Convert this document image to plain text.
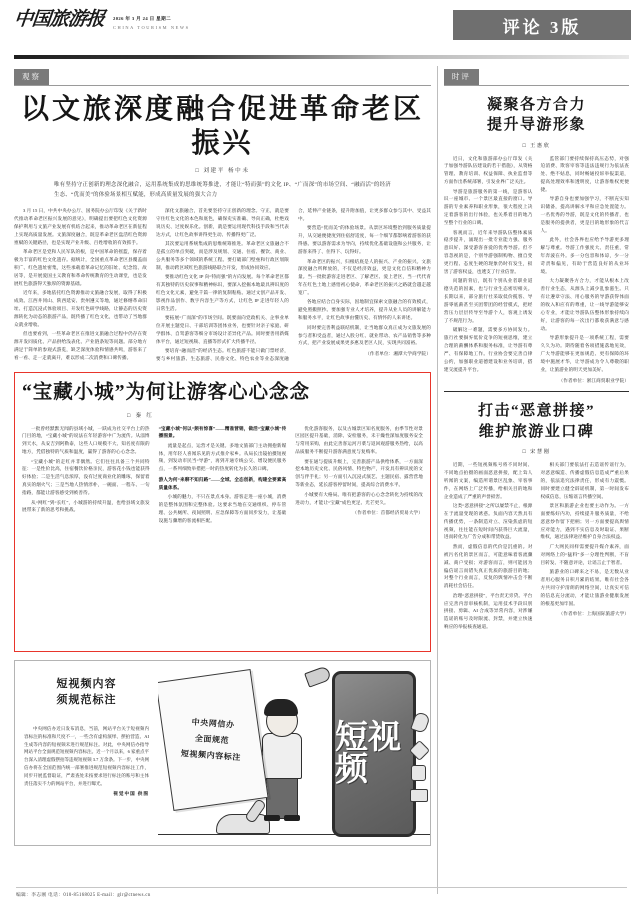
中国旅游报 2026 年 3 月 24 日 星期二
CHINA TOURISM NEWS	评论 3版
观察
以文旅深度融合促进革命老区振兴
□ 刘建平 杨中未
唯有坚持守正创新的理念深化融合，运用系统集成的思维统筹推进，才能让“特而强”的文化 IP、“广而深”的市场空间、“融而活”的经济生态、“优而美”的体验场景相互赋能，形成高质量发展的强大合力

3 月 15 日，中共中央办公厅、国务院办公厅印发《关于新时代推动革命老区振兴发展的意见》，明确提出要把红色文化资源保护利用与文旅产业发展有机结合起来，推动革命老区在新征程上实现高质量发展。文旅深度融合，既是革命老区盘活红色资源禀赋的关键路径，也是实现产业升级、百姓增收的有效抓手。

革命老区是党和人民军队的根，是中国革命的摇篮，保存着极为丰富的红色文化遗存。据统计，全国重点革命老区县覆盖面积广、红色遗址密集，这些承载着革命记忆的旧址、纪念馆、故居等，是开展爱国主义教育和革命传统教育的生动课堂，也是发展红色旅游得天独厚的资源基础。

近年来，多地依托红色资源推动文旅融合发展，取得了积极成效。江西井冈山、陕西延安、贵州遵义等地，通过修缮革命旧址、打造沉浸式体验项目、开发红色研学线路，让静态的历史资源转化为动态的旅游产品，既传播了红色文化，也带动了当地群众就业增收。

但也要看到，一些革命老区在推进文旅融合过程中仍存在资源开发同质化、产品供给浅表化、产业链条短等问题。部分地方满足于简单的参观式游览，缺乏深度体验和情感共鸣，游客来了看一看、走一走就离开，难以形成二次消费和口碑传播。

深化文旅融合，首先要坚持守正创新的理念。守正，就是要守住红色文化的本色和底色，确保史实准确、导向正确，杜绝戏说历史、过度娱乐化。创新，就是要运用现代科技手段和当代表达方式，让红色故事讲得更生动、传播得更广泛。

其次要运用系统集成的思维统筹推进。革命老区文旅融合不是孤立的单点突破，而是涉及规划、交通、住宿、餐饮、商业、公共服务等多个领域的系统工程。要打破部门壁垒和行政区划限制，推动跨区域红色旅游线路联合开发，形成协同效应。

要推动红色文化 IP 向“特而强”的方向发展。每个革命老区都有其独特的历史叙事和精神标识，要深入挖掘本地最具辨识度的红色文化元素，避免千篇一律的复制粘贴。通过文创产品开发、影视作品创作、数字内容生产等方式，让红色 IP 走进年轻人的日常生活。

要拓展“广而深”的市场空间。既要面向党政机关、企事业单位开展主题党日、干部培训等团体业务，也要针对亲子家庭、研学群体、自驾游客等细分市场设计差异化产品。同时要善用新媒体平台，通过短视频、直播等形式扩大传播半径。

要培育“融而活”的经济生态。红色旅游不能只做门票经济，要与乡村旅游、生态旅游、民俗文化、特色农业等业态深度融合，延伸产业链条，提升附加值，让更多群众参与其中、受益其中。

要营造“优而美”的体验场景。从景区环境整治到服务质量提升，从交通便捷度到住宿舒适度，每一个细节都影响着游客的获得感。要以游客需求为导向，持续优化基础设施和公共服务，让游客来得了、住得下、玩得好。

革命老区的振兴，归根结底是人的振兴、产业的振兴。文旅深度融合所释放的，不仅是经济效益，更是文化自信和精神力量。当一批批游客走进老区、了解老区、爱上老区，当一代代青年在红色土地上感悟初心使命，革命老区的振兴之路就会越走越宽广。

各地应结合自身实际，因地制宜探索文旅融合的有效模式，避免照搬照抄。要加强专业人才培养，提升从业人员的讲解能力和服务水平，让红色故事由懂历史、有情怀的人来讲述。

同时要完善利益联结机制，让当地群众真正成为文旅发展的参与者和受益者，通过入股分红、就业带动、农产品销售等多种方式，把产业发展成果更多惠及老区人民，实现共同富裕。

（作者单位：湘潭大学商学院）

“宝藏小城”为何让游客心心念念
□ 秦 红

一批曾经默默无闻的县域小城，一跃成为社交平台上的热门目的地，“宝藏小城”的说法在年轻游客中广为流传。从淄博到天水，从安吉到阿勒泰，这些人口规模不大、知名度有限的地方，凭借独特的气质和温度，赢得了游客的心心念念。

“宝藏小城”的走红并非偶然。它们往往具备三个共同特征：一是性价比高，住宿餐饮价格亲民，游客花小钱也能获得好体验；二是生活气息浓厚，没有过度商业化的雕琢，保留着真实的烟火气；三是当地人热情淳朴，一碗面、一程车、一句指路，都能让游客感受到被善待。

从“网红”到“长红”，小城游的持续升温，也给县域文旅发展带来了新的思考和挑战。

“宝藏小城”何以“频有惊喜”——精准营销，做活“宝藏小城”传播图景。

流量是起点，运营才是关键。多地文旅部门主动拥抱新媒体，用年轻人喜闻乐见的方式推介家乡。从局长出镜拍摄短视频，到发动市民当“导游”，再到开通专线公交、增设便民服务点，一系列细致举措把一时的热度转化为长久的口碑。

游人为何“来聊不知归路”——全域、全态创新，构建全要素高质量体系。

小城的魅力，不只在景点本身。游客走进一座小城，消费的是整体氛围和完整体验。这要求当地在交通组织、停车管理、公共厕所、夜间照明、应急保障等方面同步发力，让基础设施与骤增的客流相匹配。

优化游客服务，以及古城景区知名度服务，由季节性对景区园区提升基础，消除、安检服务，未干燥性深加度服务安全与常用采购，由此完善客运河月菜与返回观游服务热给，以高品质服务不断提升游客满意度与复购率。

要在通与提质升级上，完善旅游产品供给体系，一方面深挖本地历史文化、民俗风情、特色物产，开发具有辨识度的文创与伴手礼；另一方面引入沉浸式演艺、主题民宿、露营营地等新业态，延长游客停留时间，提高综合消费水平。

小城要有大格局。唯有把游客的心心念念转化为持续的改进动力，才能让“宝藏”成色更足、光芒更久。

（作者单位：首都经济贸易大学）

短视频内容
须规范标注
中央网信办近日发布消息，当前，网站平台关于短视频内容标注的标准和尺度不一，一些含有虚构演绎、摆拍营造、AI 生成等内容的短视频未进行规范标注。对此，中央网信办指导网站平台全面规范短视频内容标注。近一个月以来，6 家重点平台深入清理虚假摆拍等违规短视频 3.7 万余条。下一步，中央网信办将在全国范围内统一部署推进规范短视频内容标注工作，同步开展监督取证，严肃查处未按要求进行标注的账号和主体责任落实不力的网站平台，并进行曝光。
视觉中国 供图
短视频
中央网信办
全面规范
短视频内容标注
时评
凝聚各方合力
提升导游形象
□ 王惠欣

近日，文化和旅游部办公厅印发《关于加强导游队伍建设的若干措施》，从资格管理、教育培训、权益保障、执业监督等方面作出系统部署，引发业界广泛关注。

导游是旅游服务的第一线，是游客认识一座城市、一个景区最直接的窗口。导游的专业素养和职业形象，很大程度上决定着游客的出行体验，也关系着目的地乃至整个行业的口碑。

客观而言，近年来导游队伍整体素质稳步提升，涌现出一批专业能力强、服务意识好、深受游客喜爱的优秀导游。但不容忽视的是，个别导游强制购物、擅自变更行程、态度生硬的现象仍时有发生，损害了游客权益，也透支了行业信誉。

问题的背后，既有个别从业者职业道德失范的因素，也与行业生态密切相关。长期以来，部分旅行社采取低价揽客、导游零底薪甚至买团带团的经营模式，把经营压力层层传导至导游个人，客观上诱发了不规范行为。

破解这一难题，需要多方协同发力。旅行社要摒弃低价竞争的短视思维，建立合理的薪酬体系和服务标准，让导游有尊严、有保障地工作。行业协会要完善自律公约，加强职业道德建设和业务培训，搭建交流提升平台。

监管部门要持续保持高压态势，对强迫消费、欺客宰客等违法违规行为依法查处、绝不姑息，同时畅通投诉举报渠道，提高处理效率和透明度，让游客维权更便捷。

导游自身也要加强学习，不断充实知识储备，提高讲解水平和应急处置能力。一名优秀的导游，既是文化的传播者，也是服务的提供者，更是目的地形象的代言人。

此外，社会各界也应给予导游更多理解与尊重。导游工作强度大、责任重，常年奔波在外。多一分包容和体谅，少一分苛责和偏见，有助于营造良好的从业环境。

大力凝聚各方合力，才能从根本上改善行业生态，从源头上减少乱象滋生。只有让遵章守法、用心服务的导游获得体面的收入和应有的尊重，让一线导游能够安心专业，才能让导游队伍整体形象持续向好，让游客的每一次出行都收获满意与感动。

导游形象提升是一项系统工程，需要久久为功。期待随着各项措施落地见效，广大导游能够在更加规范、更有保障的环境中施展才华，让导游成为令人尊敬的职业，让旅游业的明天更加美好。

（作者单位：浙江商贸职业学院）

打击“恶意拼接”
维护旅游业口碑
□ 宋慧刚

近期，一些短视频账号将不同时间、不同地点拍摄的画面恶意拼接，配上耸人听闻的文案，编造所谓景区乱象、宰客事件，在网络上广泛传播，给相关目的地和企业造成了严重的声誉损害。

这类“恶意拼接”之所以屡禁不止，根源在于流量变现的诱惑。负面内容天然具有传播优势，一条制造对立、渲染焦虑的短视频，往往能在短时间内获得巨大流量，进而转化为广告分成和带货收益。

然而，虚假信息的代价是沉重的。对被污名化的景区而言，可能意味着客流骤减、商户受损；对游客而言，则可能因为偏信谣言而错失真正优质的旅游目的地；对整个行业而言，反复的舆情冲击会不断消耗社会信任。

治理“恶意拼接”，平台责无旁贷。平台应完善内容审核机制，运用技术手段识别拼接、剪辑、AI 合成等异常内容，对涉嫌造谣的账号及时限流、封禁，并建立快速响应的举报核查通道。

相关部门要依法打击造谣传谣行为，对恶意编造、传播虚假信息造成严重后果的，依法追究法律责任，形成有力震慑。同时要建立健全辟谣机制，第一时间发布权威信息，压缩谣言传播空间。

景区和旅游企业也要主动作为。一方面要练好内功，持续提升服务质量，不给恶意炒作留下把柄；另一方面要提高舆情应对能力，遇到不实信息及时取证、果断维权，通过法律途径维护自身合法权益。

广大网民同样需要提升媒介素养，面对网络上的“猛料”多一分理性判断，不盲目转发、不随意评论，让谣言止于智者。

旅游业的口碑来之不易，是无数从业者用心服务日积月累的结果。唯有社会各方共同守护清朗的网络空间，让真实可信的信息充分流动，才能让旅游业健康发展的根基更加牢固。

（作者单位：上海国际旅游大学）

编辑：李志刚 电话：010-85168025 E-mail：glr@ctnews.cn
